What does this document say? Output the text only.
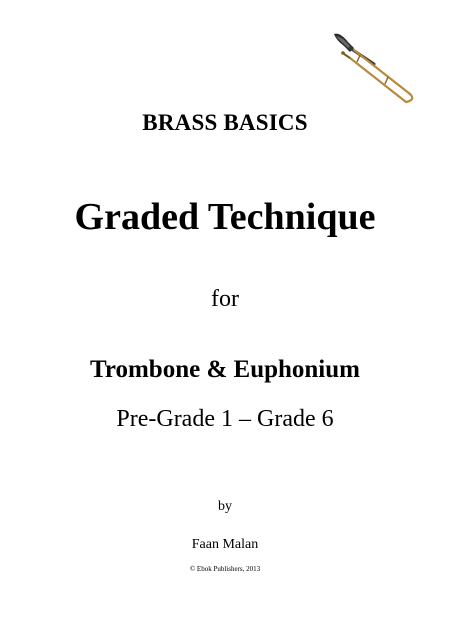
BRASS BASICS
Graded Technique
for
Trombone & Euphonium
Pre-Grade 1 – Grade 6
by
Faan Malan
© Ebok Publishers, 2013
